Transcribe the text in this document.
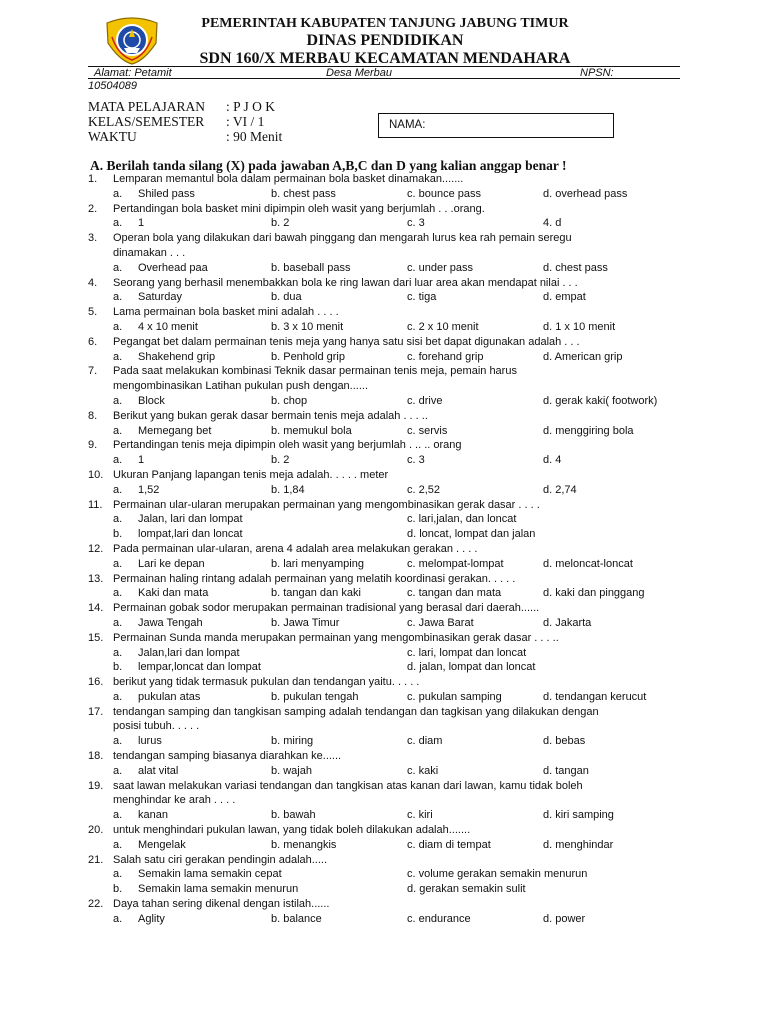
PEMERINTAH KABUPATEN TANJUNG JABUNG TIMUR
DINAS PENDIDIKAN
SDN 160/X MERBAU KECAMATAN MENDAHARA
Alamat: Petamit	Desa Merbau	NPSN:
10504089
MATA PELAJARAN : P J O K
KELAS/SEMESTER : VI / 1
WAKTU	: 90 Menit
NAMA:
A. Berilah tanda silang (X) pada jawaban A,B,C dan D yang kalian anggap benar !
1. Lemparan memantul bola dalam permainan bola basket dinamakan.......
a. Shiled pass	b. chest pass	c. bounce pass	d. overhead pass
2. Pertandingan bola basket mini dipimpin oleh wasit yang berjumlah . . .orang.
a. 1	b. 2	c. 3	4. d
3. Operan bola yang dilakukan dari bawah pinggang dan mengarah lurus kea rah pemain seregu
dinamakan . . .
a. Overhead paa	b. baseball pass	c. under pass	d. chest pass
4. Seorang yang berhasil menembakkan bola ke ring lawan dari luar area akan mendapat nilai . . .
a. Saturday	b. dua	c. tiga	d. empat
5. Lama permainan bola basket mini adalah . . . .
a. 4 x 10 menit	b. 3 x 10 menit	c. 2 x 10 menit	d. 1 x 10 menit
6. Pegangat bet dalam permainan tenis meja yang hanya satu sisi bet dapat digunakan adalah . . .
a. Shakehend grip	b. Penhold grip	c. forehand grip	d. American grip
7. Pada saat melakukan kombinasi Teknik dasar permainan tenis meja, pemain harus
mengombinasikan Latihan pukulan push dengan......
a. Block	b. chop	c. drive	d. gerak kaki( footwork)
8. Berikut yang bukan gerak dasar bermain tenis meja adalah . . . ..
a. Memegang bet	b. memukul bola	c. servis	d. menggiring bola
9. Pertandingan tenis meja dipimpin oleh wasit yang berjumlah . .. .. orang
a. 1	b. 2	c. 3	d. 4
10. Ukuran Panjang lapangan tenis meja adalah. . . . . meter
a. 1,52	b. 1,84	c. 2,52	d. 2,74
11. Permainan ular-ularan merupakan permainan yang mengombinasikan gerak dasar . . . .
a. Jalan, lari dan lompat	c. lari,jalan, dan loncat
b. lompat,lari dan loncat	d. loncat, lompat dan jalan
12. Pada permainan ular-ularan, arena 4 adalah area melakukan gerakan . . . .
a. Lari ke depan	b. lari menyamping	c. melompat-lompat	d. meloncat-loncat
13. Permainan haling rintang adalah permainan yang melatih koordinasi gerakan. . . . .
a. Kaki dan mata	b. tangan dan kaki	c. tangan dan mata	d. kaki dan pinggang
14. Permainan gobak sodor merupakan permainan tradisional yang berasal dari daerah......
a. Jawa Tengah	b. Jawa Timur	c. Jawa Barat	d. Jakarta
15. Permainan Sunda manda merupakan permainan yang mengombinasikan gerak dasar . . . ..
a. Jalan,lari dan lompat	c. lari, lompat dan loncat
b. lempar,loncat dan lompat	d. jalan, lompat dan loncat
16. berikut yang tidak termasuk pukulan dan tendangan yaitu. . . . .
a. pukulan atas	b. pukulan tengah	c. pukulan samping	d. tendangan kerucut
17. tendangan samping dan tangkisan samping adalah tendangan dan tagkisan yang dilakukan dengan
posisi tubuh. . . . .
a. lurus	b. miring	c. diam	d. bebas
18. tendangan samping biasanya diarahkan ke......
a. alat vital	b. wajah	c. kaki	d. tangan
19. saat lawan melakukan variasi tendangan dan tangkisan atas kanan dari lawan, kamu tidak boleh
menghindar ke arah . . . .
a. kanan	b. bawah	c. kiri	d. kiri samping
20. untuk menghindari pukulan lawan, yang tidak boleh dilakukan adalah.......
a. Mengelak	b. menangkis	c. diam di tempat	d. menghindar
21. Salah satu ciri gerakan pendingin adalah.....
a. Semakin lama semakin cepat	c. volume gerakan semakin menurun
b. Semakin lama semakin menurun	d. gerakan semakin sulit
22. Daya tahan sering dikenal dengan istilah......
a. Aglity	b. balance	c. endurance	d. power
